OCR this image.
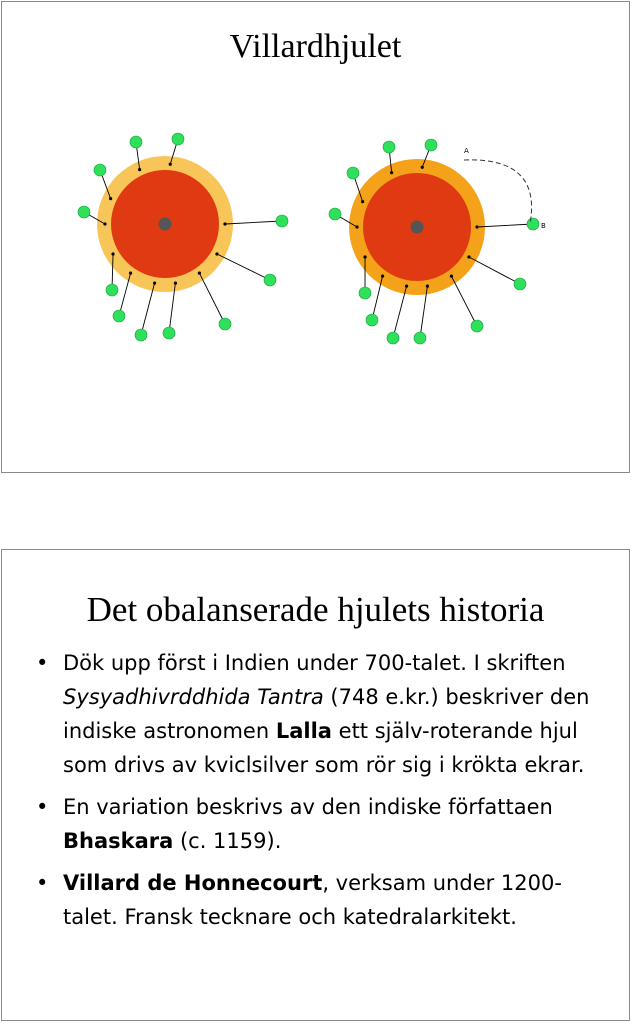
Villardhjulet
A
B
Det obalanserade hjulets historia
• Dök upp först i Indien under 700-talet. I skriften Sysyadhivrddhida Tantra (748 e.kr.) beskriver den indiske astronomen Lalla ett själv-roterande hjul som drivs av kviclsilver som rör sig i krökta ekrar.
• En variation beskrivs av den indiske författaen Bhaskara (c. 1159).
• Villard de Honnecourt, verksam under 1200-talet. Fransk tecknare och katedralarkitekt.
